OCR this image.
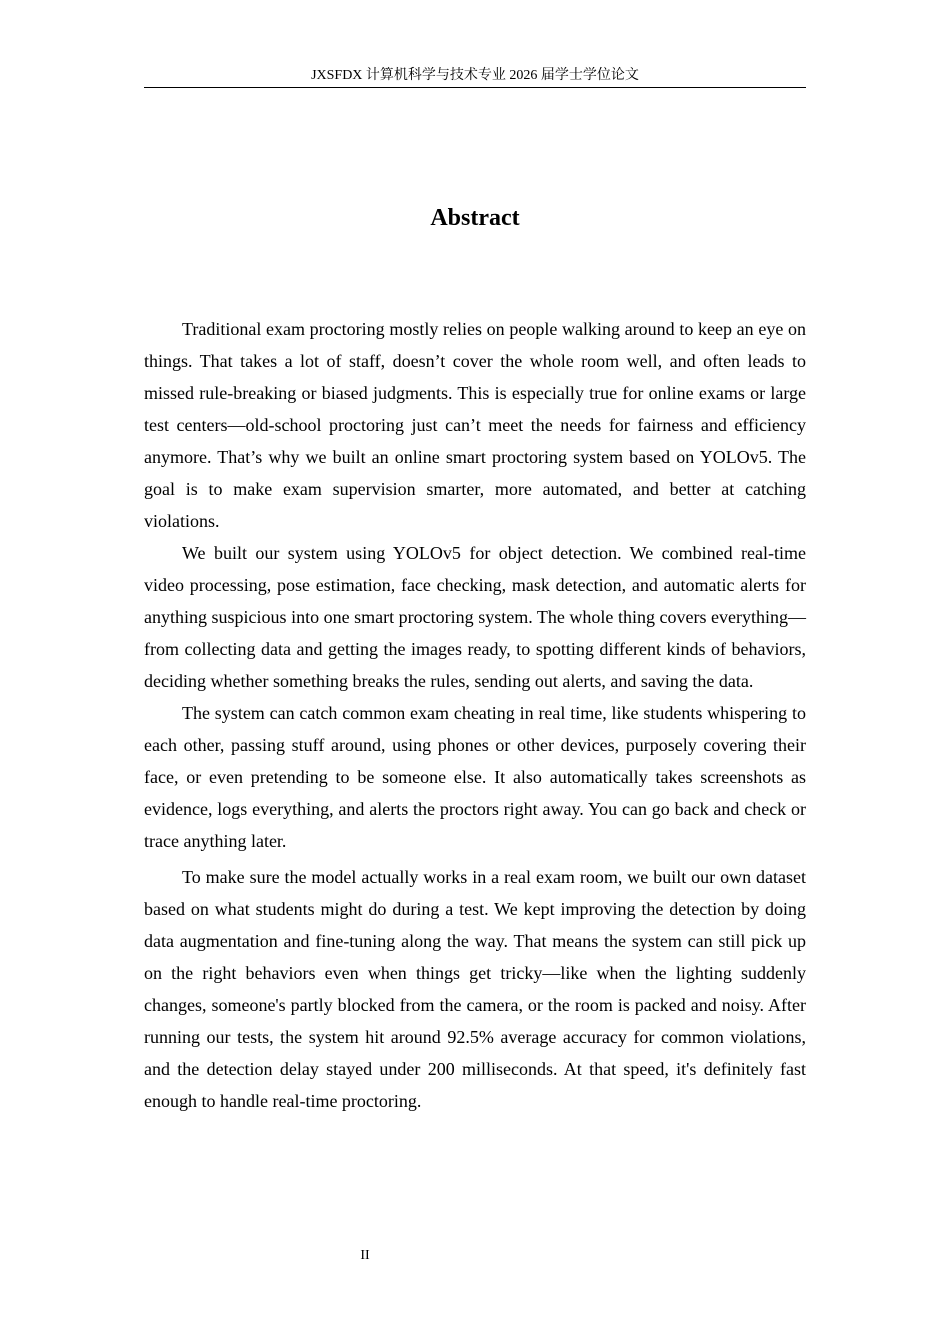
JXSFDX 计算机科学与技术专业 2026 届学士学位论文
Abstract

Traditional exam proctoring mostly relies on people walking around to keep an eye on things. That takes a lot of staff, doesn’t cover the whole room well, and often leads to missed rule-breaking or biased judgments. This is especially true for online exams or large test centers—old-school proctoring just can’t meet the needs for fairness and efficiency anymore. That’s why we built an online smart proctoring system based on YOLOv5. The goal is to make exam supervision smarter, more automated, and better at catching violations.

We built our system using YOLOv5 for object detection. We combined real-time video processing, pose estimation, face checking, mask detection, and automatic alerts for anything suspicious into one smart proctoring system. The whole thing covers everything—from collecting data and getting the images ready, to spotting different kinds of behaviors, deciding whether something breaks the rules, sending out alerts, and saving the data.

The system can catch common exam cheating in real time, like students whispering to each other, passing stuff around, using phones or other devices, purposely covering their face, or even pretending to be someone else. It also automatically takes screenshots as evidence, logs everything, and alerts the proctors right away. You can go back and check or trace anything later.

To make sure the model actually works in a real exam room, we built our own dataset based on what students might do during a test. We kept improving the detection by doing data augmentation and fine-tuning along the way. That means the system can still pick up on the right behaviors even when things get tricky—like when the lighting suddenly changes, someone's partly blocked from the camera, or the room is packed and noisy. After running our tests, the system hit around 92.5% average accuracy for common violations, and the detection delay stayed under 200 milliseconds. At that speed, it's definitely fast enough to handle real-time proctoring.

II
